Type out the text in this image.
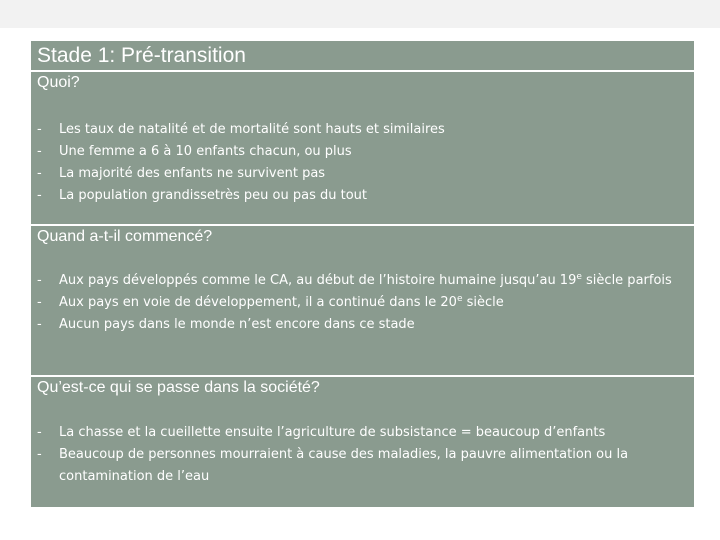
Stade 1: Pré-transition
Quoi?
- Les taux de natalité et de mortalité sont hauts et similaires
- Une femme a 6 à 10 enfants chacun, ou plus
- La majorité des enfants ne survivent pas
- La population grandissetrès peu ou pas du tout
Quand a-t-il commencé?
- Aux pays développés comme le CA, au début de l’histoire humaine jusqu’au 19e siècle parfois
- Aux pays en voie de développement, il a continué dans le 20e siècle
- Aucun pays dans le monde n’est encore dans ce stade
Qu’est-ce qui se passe dans la société?
- La chasse et la cueillette ensuite l’agriculture de subsistance = beaucoup d’enfants
- Beaucoup de personnes mourraient à cause des maladies, la pauvre alimentation ou la contamination de l’eau
